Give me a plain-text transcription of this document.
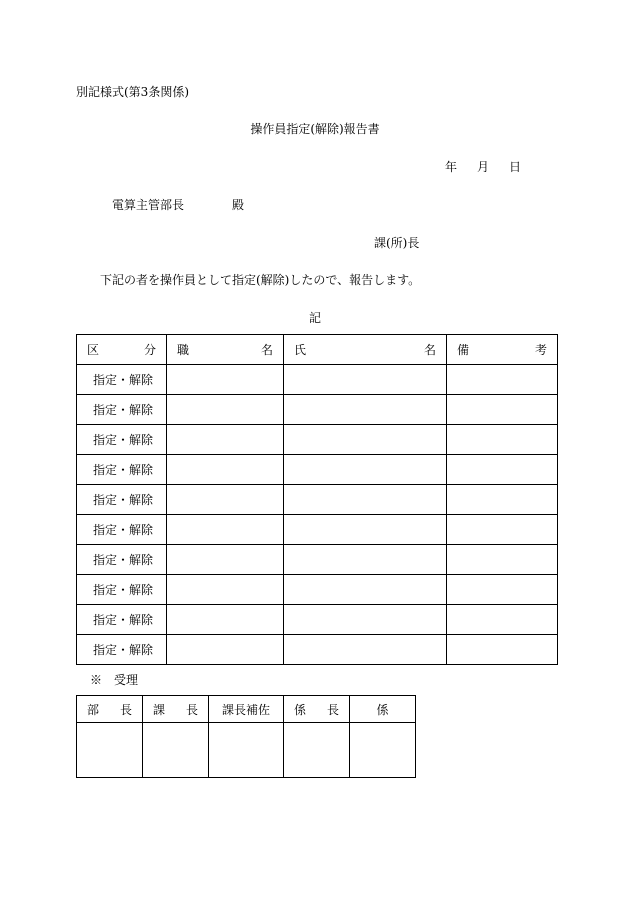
別記様式(第3条関係)
操作員指定(解除)報告書
年 月 日
電算主管部長	殿
課(所)長
下記の者を操作員として指定(解除)したので、報告します。
記
区 分	職 名	氏 名	備 考

指定・解除			
指定・解除			
指定・解除			
指定・解除			
指定・解除			
指定・解除			
指定・解除			
指定・解除			
指定・解除			
指定・解除			
※　受理
部 長	課 長	課長補佐	係 長	係
